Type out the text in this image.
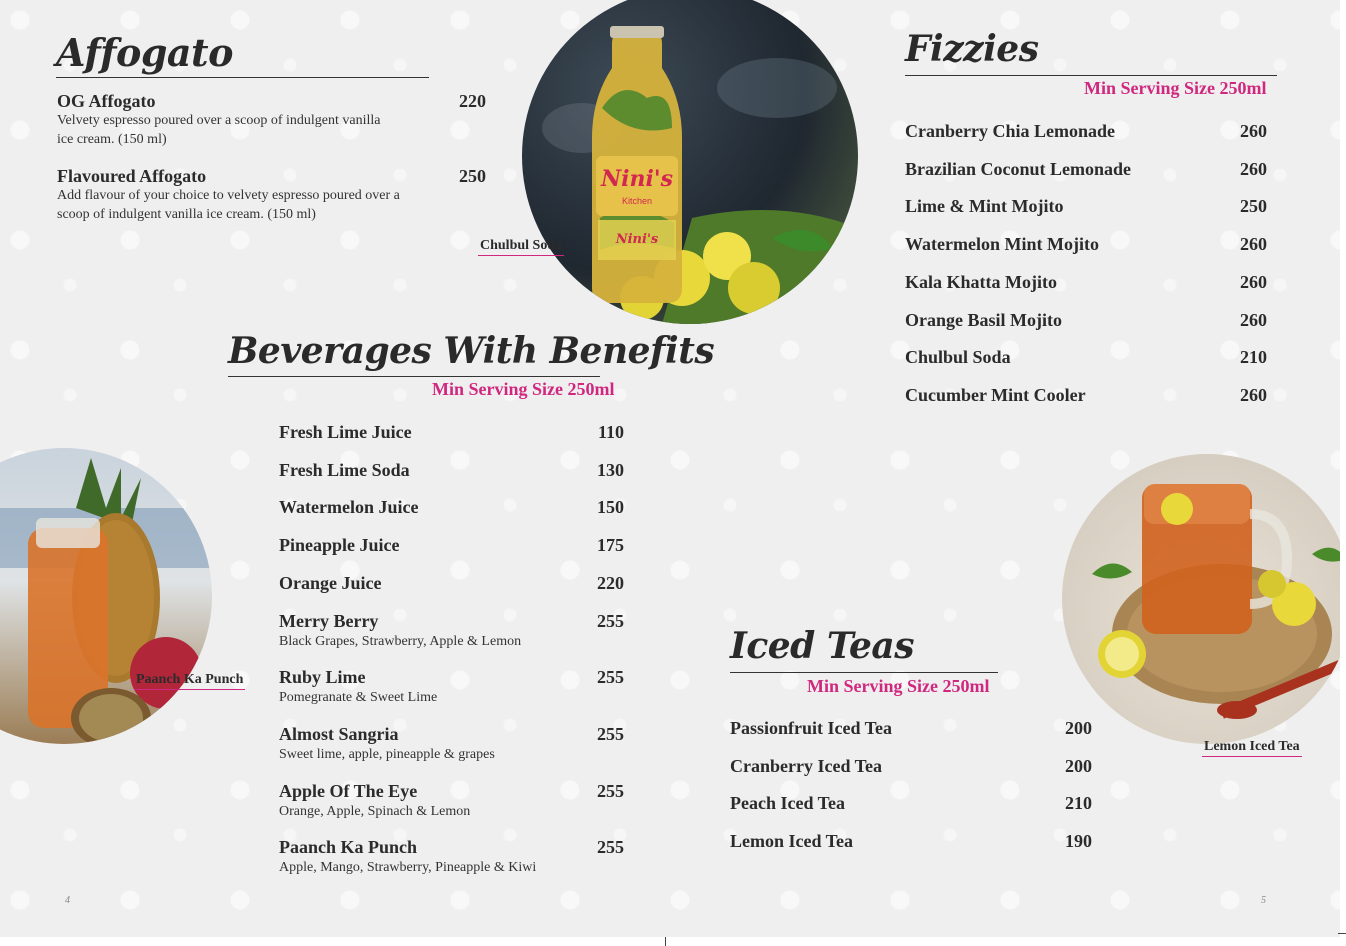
Affogato
OG Affogato	220
Velvety espresso poured over a scoop of indulgent vanilla ice cream. (150 ml)
Flavoured Affogato	250
Add flavour of your choice to velvety espresso poured over a scoop of indulgent vanilla ice cream. (150 ml)
Nini's
Kitchen
Nini's
Chulbul Soda
Beverages With Benefits
Min Serving Size 250ml
Fresh Lime Juice	110
Fresh Lime Soda	130
Watermelon Juice	150
Pineapple Juice	175
Orange Juice	220
Merry Berry	255
Black Grapes, Strawberry, Apple & Lemon
Ruby Lime	255
Pomegranate & Sweet Lime
Almost Sangria	255
Sweet lime, apple, pineapple & grapes
Apple Of The Eye	255
Orange, Apple, Spinach & Lemon
Paanch Ka Punch	255
Apple, Mango, Strawberry, Pineapple & Kiwi
Paanch Ka Punch
Fizzies
Min Serving Size 250ml
Cranberry Chia Lemonade	260
Brazilian Coconut Lemonade	260
Lime & Mint Mojito	250
Watermelon Mint Mojito	260
Kala Khatta Mojito	260
Orange Basil Mojito	260
Chulbul Soda	210
Cucumber Mint Cooler	260
Lemon Iced Tea
Iced Teas
Min Serving Size 250ml
Passionfruit Iced Tea	200
Cranberry Iced Tea	200
Peach Iced Tea	210
Lemon Iced Tea	190
4	5
